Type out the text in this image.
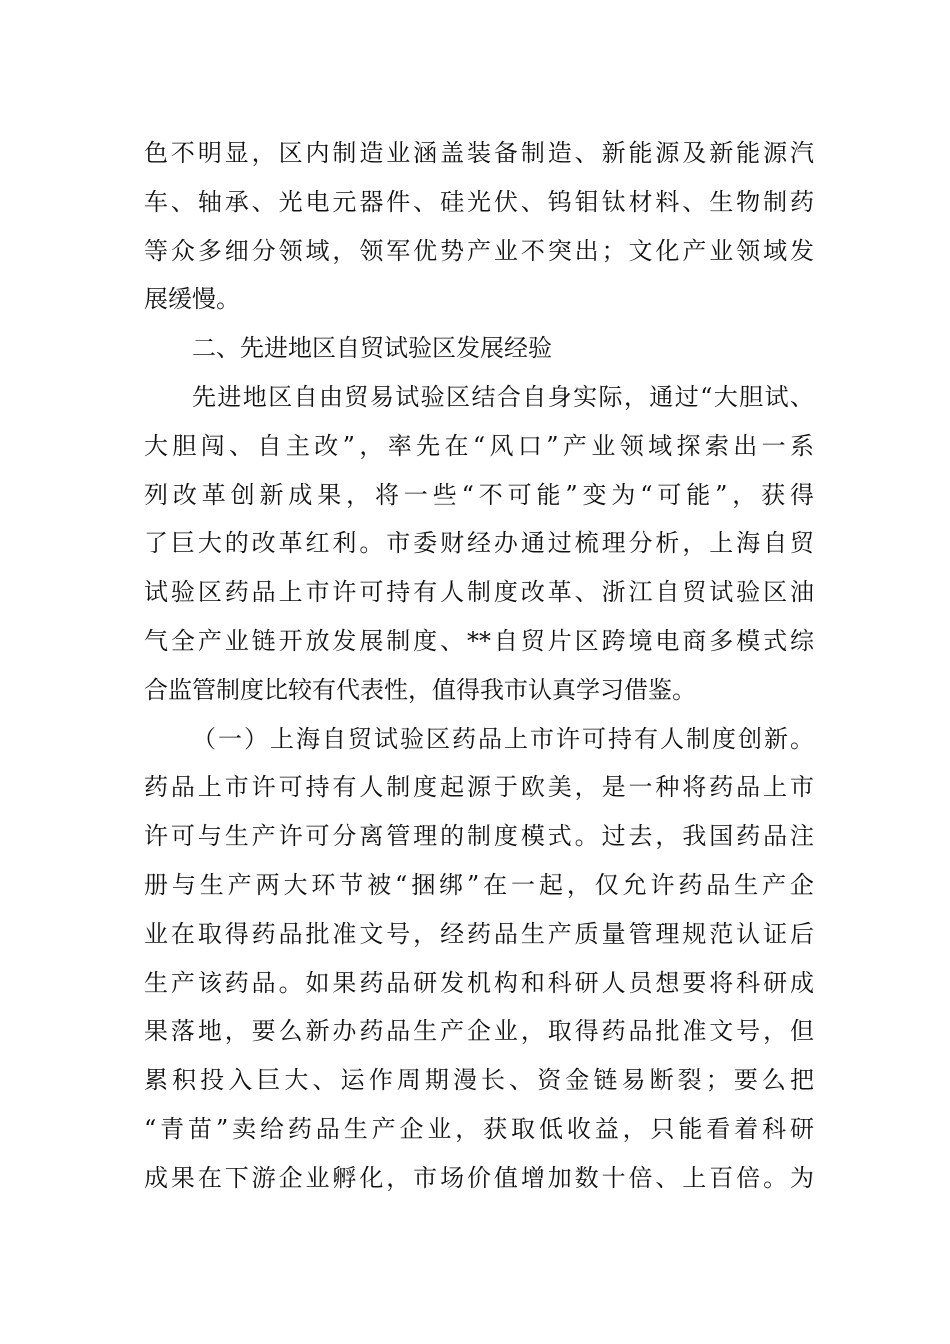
色不明显，区内制造业涵盖装备制造、新能源及新能源汽
车、轴承、光电元器件、硅光伏、钨钼钛材料、生物制药
等众多细分领域，领军优势产业不突出；文化产业领域发
展缓慢。
二、先进地区自贸试验区发展经验
先进地区自由贸易试验区结合自身实际，通过“大胆试、
大胆闯、自主改”，率先在“风口”产业领域探索出一系
列改革创新成果，将一些“不可能”变为“可能”，获得
了巨大的改革红利。市委财经办通过梳理分析，上海自贸
试验区药品上市许可持有人制度改革、浙江自贸试验区油
气全产业链开放发展制度、**自贸片区跨境电商多模式综
合监管制度比较有代表性，值得我市认真学习借鉴。
（一）上海自贸试验区药品上市许可持有人制度创新。
药品上市许可持有人制度起源于欧美，是一种将药品上市
许可与生产许可分离管理的制度模式。过去，我国药品注
册与生产两大环节被“捆绑”在一起，仅允许药品生产企
业在取得药品批准文号，经药品生产质量管理规范认证后
生产该药品。如果药品研发机构和科研人员想要将科研成
果落地，要么新办药品生产企业，取得药品批准文号，但
累积投入巨大、运作周期漫长、资金链易断裂；要么把
“青苗”卖给药品生产企业，获取低收益，只能看着科研
成果在下游企业孵化，市场价值增加数十倍、上百倍。为
